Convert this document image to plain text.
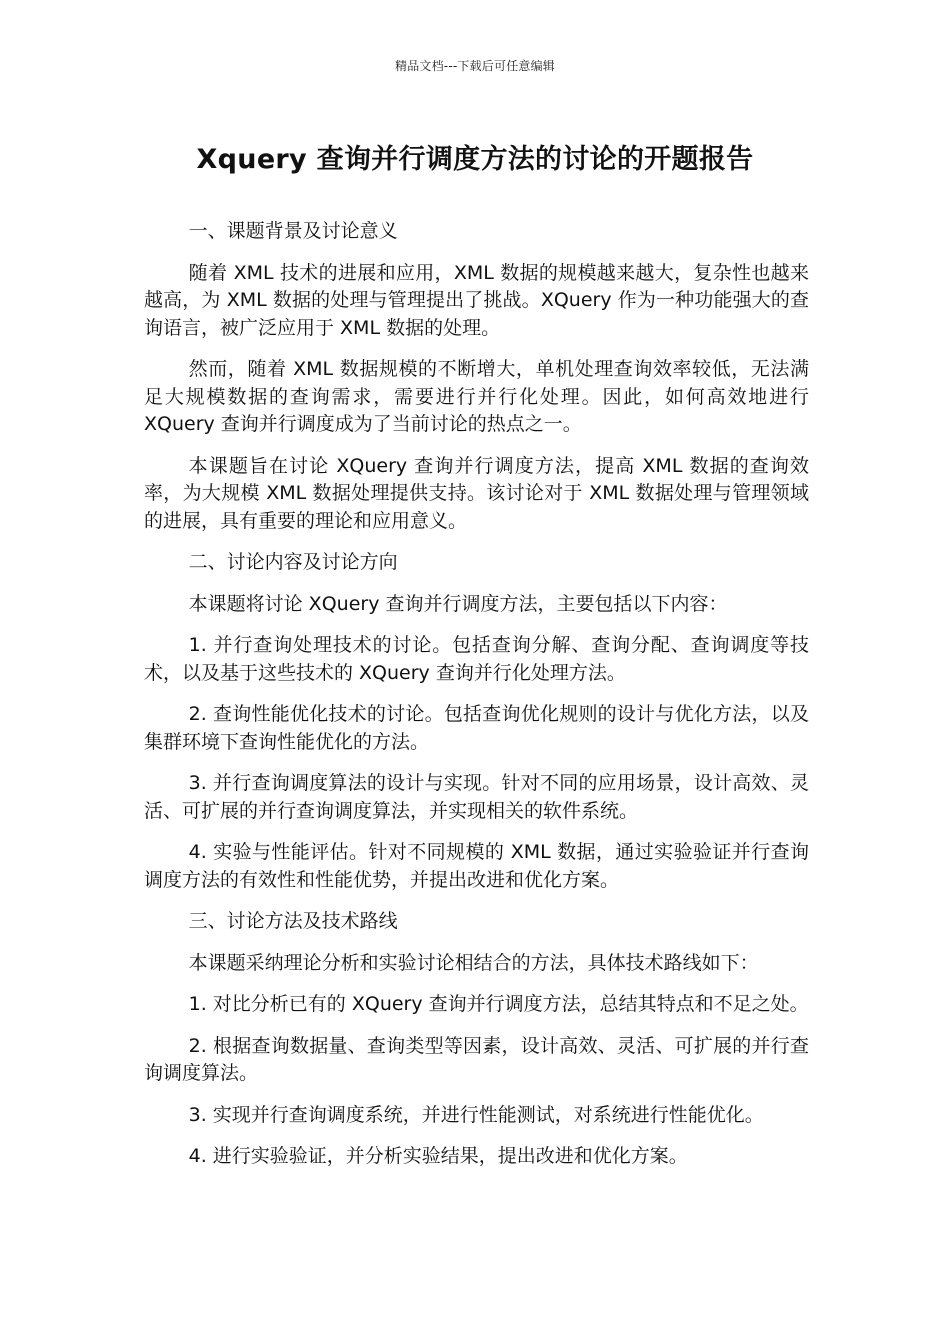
精品文档---下载后可任意编辑
Xquery 查询并行调度方法的讨论的开题报告

一、课题背景及讨论意义

随着 XML 技术的进展和应用，XML 数据的规模越来越大，复杂性也越来越高，为 XML 数据的处理与管理提出了挑战。XQuery 作为一种功能强大的查询语言，被广泛应用于 XML 数据的处理。

然而，随着 XML 数据规模的不断增大，单机处理查询效率较低，无法满足大规模数据的查询需求，需要进行并行化处理。因此，如何高效地进行 XQuery 查询并行调度成为了当前讨论的热点之一。

本课题旨在讨论 XQuery 查询并行调度方法，提高 XML 数据的查询效率，为大规模 XML 数据处理提供支持。该讨论对于 XML 数据处理与管理领域的进展，具有重要的理论和应用意义。

二、讨论内容及讨论方向

本课题将讨论 XQuery 查询并行调度方法，主要包括以下内容：

1. 并行查询处理技术的讨论。包括查询分解、查询分配、查询调度等技术，以及基于这些技术的 XQuery 查询并行化处理方法。

2. 查询性能优化技术的讨论。包括查询优化规则的设计与优化方法，以及集群环境下查询性能优化的方法。

3. 并行查询调度算法的设计与实现。针对不同的应用场景，设计高效、灵活、可扩展的并行查询调度算法，并实现相关的软件系统。

4. 实验与性能评估。针对不同规模的 XML 数据，通过实验验证并行查询调度方法的有效性和性能优势，并提出改进和优化方案。

三、讨论方法及技术路线

本课题采纳理论分析和实验讨论相结合的方法，具体技术路线如下：

1. 对比分析已有的 XQuery 查询并行调度方法，总结其特点和不足之处。

2. 根据查询数据量、查询类型等因素，设计高效、灵活、可扩展的并行查询调度算法。

3. 实现并行查询调度系统，并进行性能测试，对系统进行性能优化。

4. 进行实验验证，并分析实验结果，提出改进和优化方案。
